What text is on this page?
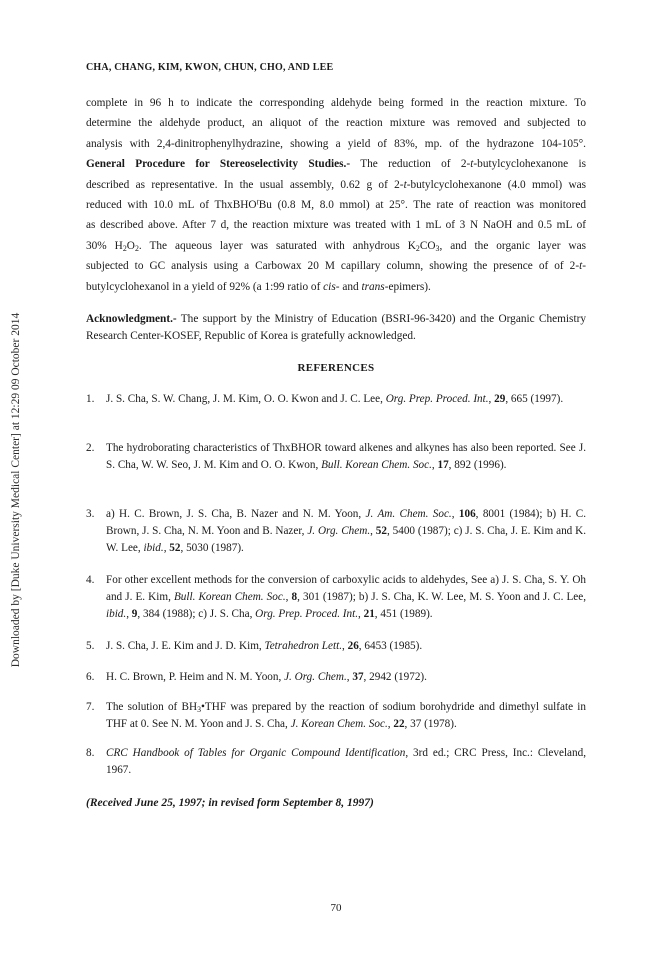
Downloaded by [Duke University Medical Center] at 12:29 09 October 2014
CHA, CHANG, KIM, KWON, CHUN, CHO, AND LEE
complete in 96 h to indicate the corresponding aldehyde being formed in the reaction mixture. To
determine the aldehyde product, an aliquot of the reaction mixture was removed and subjected to
analysis with 2,4-dinitrophenylhydrazine, showing a yield of 83%, mp. of the hydrazone 104-105°.
General Procedure for Stereoselectivity Studies.- The reduction of 2-t-butylcyclohexanone is
described as representative. In the usual assembly, 0.62 g of 2-t-butylcyclohexanone (4.0 mmol) was
reduced with 10.0 mL of ThxBHO$^t$Bu (0.8 M, 8.0 mmol) at 25°. The rate of reaction was monitored
as described above. After 7 d, the reaction mixture was treated with 1 mL of 3 N NaOH and 0.5 mL of
30% $H_2O_2$. The aqueous layer was saturated with anhydrous $K_2CO_3$, and the organic layer was
subjected to GC analysis using a Carbowax 20 M capillary column, showing the presence of of 2-t-
butylcyclohexanol in a yield of 92% (a 1:99 ratio of cis- and trans-epimers).
Acknowledgment.- The support by the Ministry of Education (BSRI-96-3420) and the Organic Chemistry Research Center-KOSEF, Republic of Korea is gratefully acknowledged.
REFERENCES
1.	J. S. Cha, S. W. Chang, J. M. Kim, O. O. Kwon and J. C. Lee, Org. Prep. Proced. Int., 29, 665 (1997).
2.	The hydroborating characteristics of ThxBHOR toward alkenes and alkynes has also been reported. See J. S. Cha, W. W. Seo, J. M. Kim and O. O. Kwon, Bull. Korean Chem. Soc., 17, 892 (1996).
3.	a) H. C. Brown, J. S. Cha, B. Nazer and N. M. Yoon, J. Am. Chem. Soc., 106, 8001 (1984); b) H. C. Brown, J. S. Cha, N. M. Yoon and B. Nazer, J. Org. Chem., 52, 5400 (1987); c) J. S. Cha, J. E. Kim and K. W. Lee, ibid., 52, 5030 (1987).
4.	For other excellent methods for the conversion of carboxylic acids to aldehydes, See a) J. S. Cha, S. Y. Oh and J. E. Kim, Bull. Korean Chem. Soc., 8, 301 (1987); b) J. S. Cha, K. W. Lee, M. S. Yoon and J. C. Lee, ibid., 9, 384 (1988); c) J. S. Cha, Org. Prep. Proced. Int., 21, 451 (1989).
5.	J. S. Cha, J. E. Kim and J. D. Kim, Tetrahedron Lett., 26, 6453 (1985).
6.	H. C. Brown, P. Heim and N. M. Yoon, J. Org. Chem., 37, 2942 (1972).
7.	The solution of $BH_3•THF$ was prepared by the reaction of sodium borohydride and dimethyl sulfate in THF at 0. See N. M. Yoon and J. S. Cha, J. Korean Chem. Soc., 22, 37 (1978).
8.	CRC Handbook of Tables for Organic Compound Identification, 3rd ed.; CRC Press, Inc.: Cleveland, 1967.
(Received June 25, 1997; in revised form September 8, 1997)
70
